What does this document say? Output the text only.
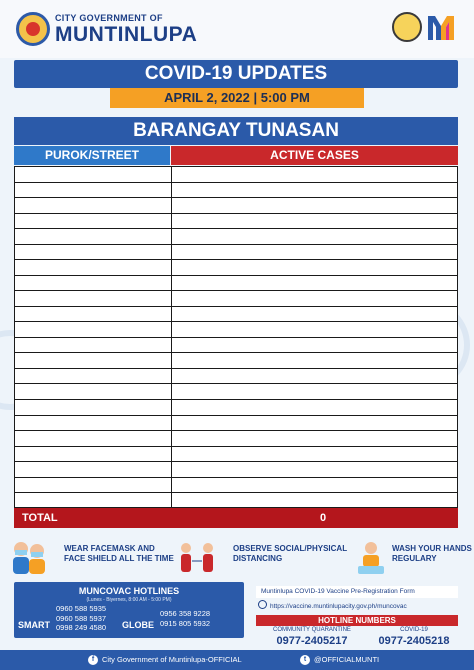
CITY GOVERNMENT OF
MUNTINLUPA
COVID-19 UPDATES
APRIL 2, 2022 | 5:00 PM
BARANGAY TUNASAN
PUROK/STREET	ACTIVE CASES
TOTAL	0
WEAR FACEMASK AND
FACE SHIELD ALL THE TIME
OBSERVE SOCIAL/PHYSICAL
DISTANCING
WASH YOUR HANDS
REGULARY
MUNCOVAC HOTLINES
(Lunes - Biyernes, 8:00 AM - 5:00 PM)
SMART
0960 588 5935
0960 588 5937
0998 249 4580 GLOBE
0956 358 9228
0915 805 5932
Muntinlupa COVID-19 Vaccine Pre-Registration Form
https://vaccine.muntinlupacity.gov.ph/muncovac
HOTLINE NUMBERS
COMMUNITY QUARANTINE	COVID-19
0977-2405217	0977-2405218
f	City Government of Muntinlupa-OFFICIAL	t	@OFFICIALMUNTI
